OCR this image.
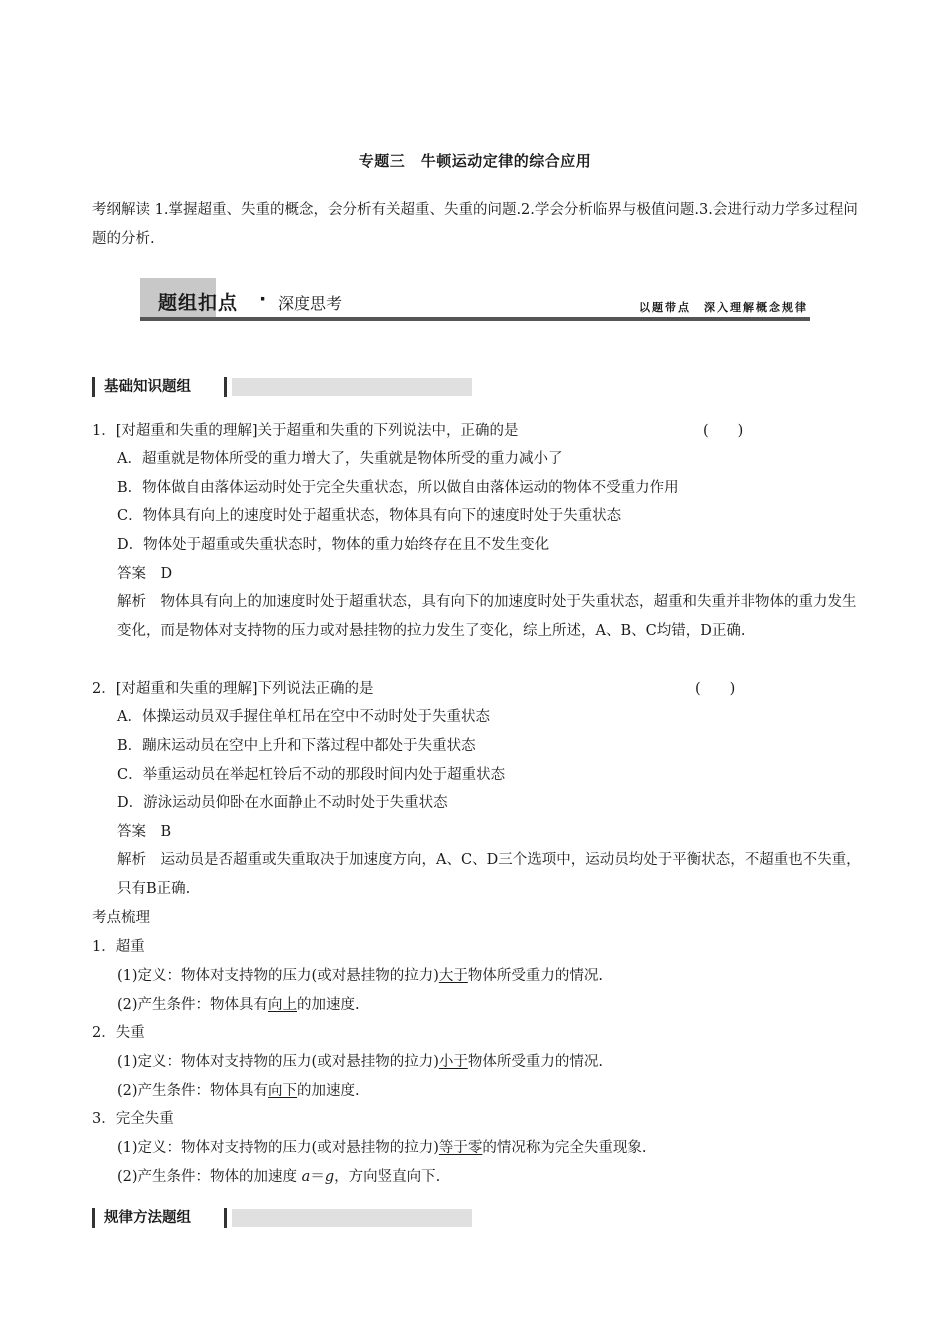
专题三　牛顿运动定律的综合应用
考纲解读 1.掌握超重、失重的概念，会分析有关超重、失重的问题.2.学会分析临界与极值问题.3.会进行动力学多过程问题的分析.
题组扣点 · 深度思考	以题带点　深入理解概念规律
基础知识题组
1．[对超重和失重的理解]关于超重和失重的下列说法中，正确的是	(　　)
A．超重就是物体所受的重力增大了，失重就是物体所受的重力减小了
B．物体做自由落体运动时处于完全失重状态，所以做自由落体运动的物体不受重力作用
C．物体具有向上的速度时处于超重状态，物体具有向下的速度时处于失重状态
D．物体处于超重或失重状态时，物体的重力始终存在且不发生变化
答案　D
解析　物体具有向上的加速度时处于超重状态，具有向下的加速度时处于失重状态，超重和失重并非物体的重力发生变化，而是物体对支持物的压力或对悬挂物的拉力发生了变化，综上所述，A、B、C均错，D正确.
2．[对超重和失重的理解]下列说法正确的是	(　　)
A．体操运动员双手握住单杠吊在空中不动时处于失重状态
B．蹦床运动员在空中上升和下落过程中都处于失重状态
C．举重运动员在举起杠铃后不动的那段时间内处于超重状态
D．游泳运动员仰卧在水面静止不动时处于失重状态
答案　B
解析　运动员是否超重或失重取决于加速度方向，A、C、D三个选项中，运动员均处于平衡状态，不超重也不失重，只有B正确.
考点梳理
1．超重
(1)定义：物体对支持物的压力(或对悬挂物的拉力)大于物体所受重力的情况.
(2)产生条件：物体具有向上的加速度.
2．失重
(1)定义：物体对支持物的压力(或对悬挂物的拉力)小于物体所受重力的情况.
(2)产生条件：物体具有向下的加速度.
3．完全失重
(1)定义：物体对支持物的压力(或对悬挂物的拉力)等于零的情况称为完全失重现象.
(2)产生条件：物体的加速度 a＝g，方向竖直向下.
规律方法题组
